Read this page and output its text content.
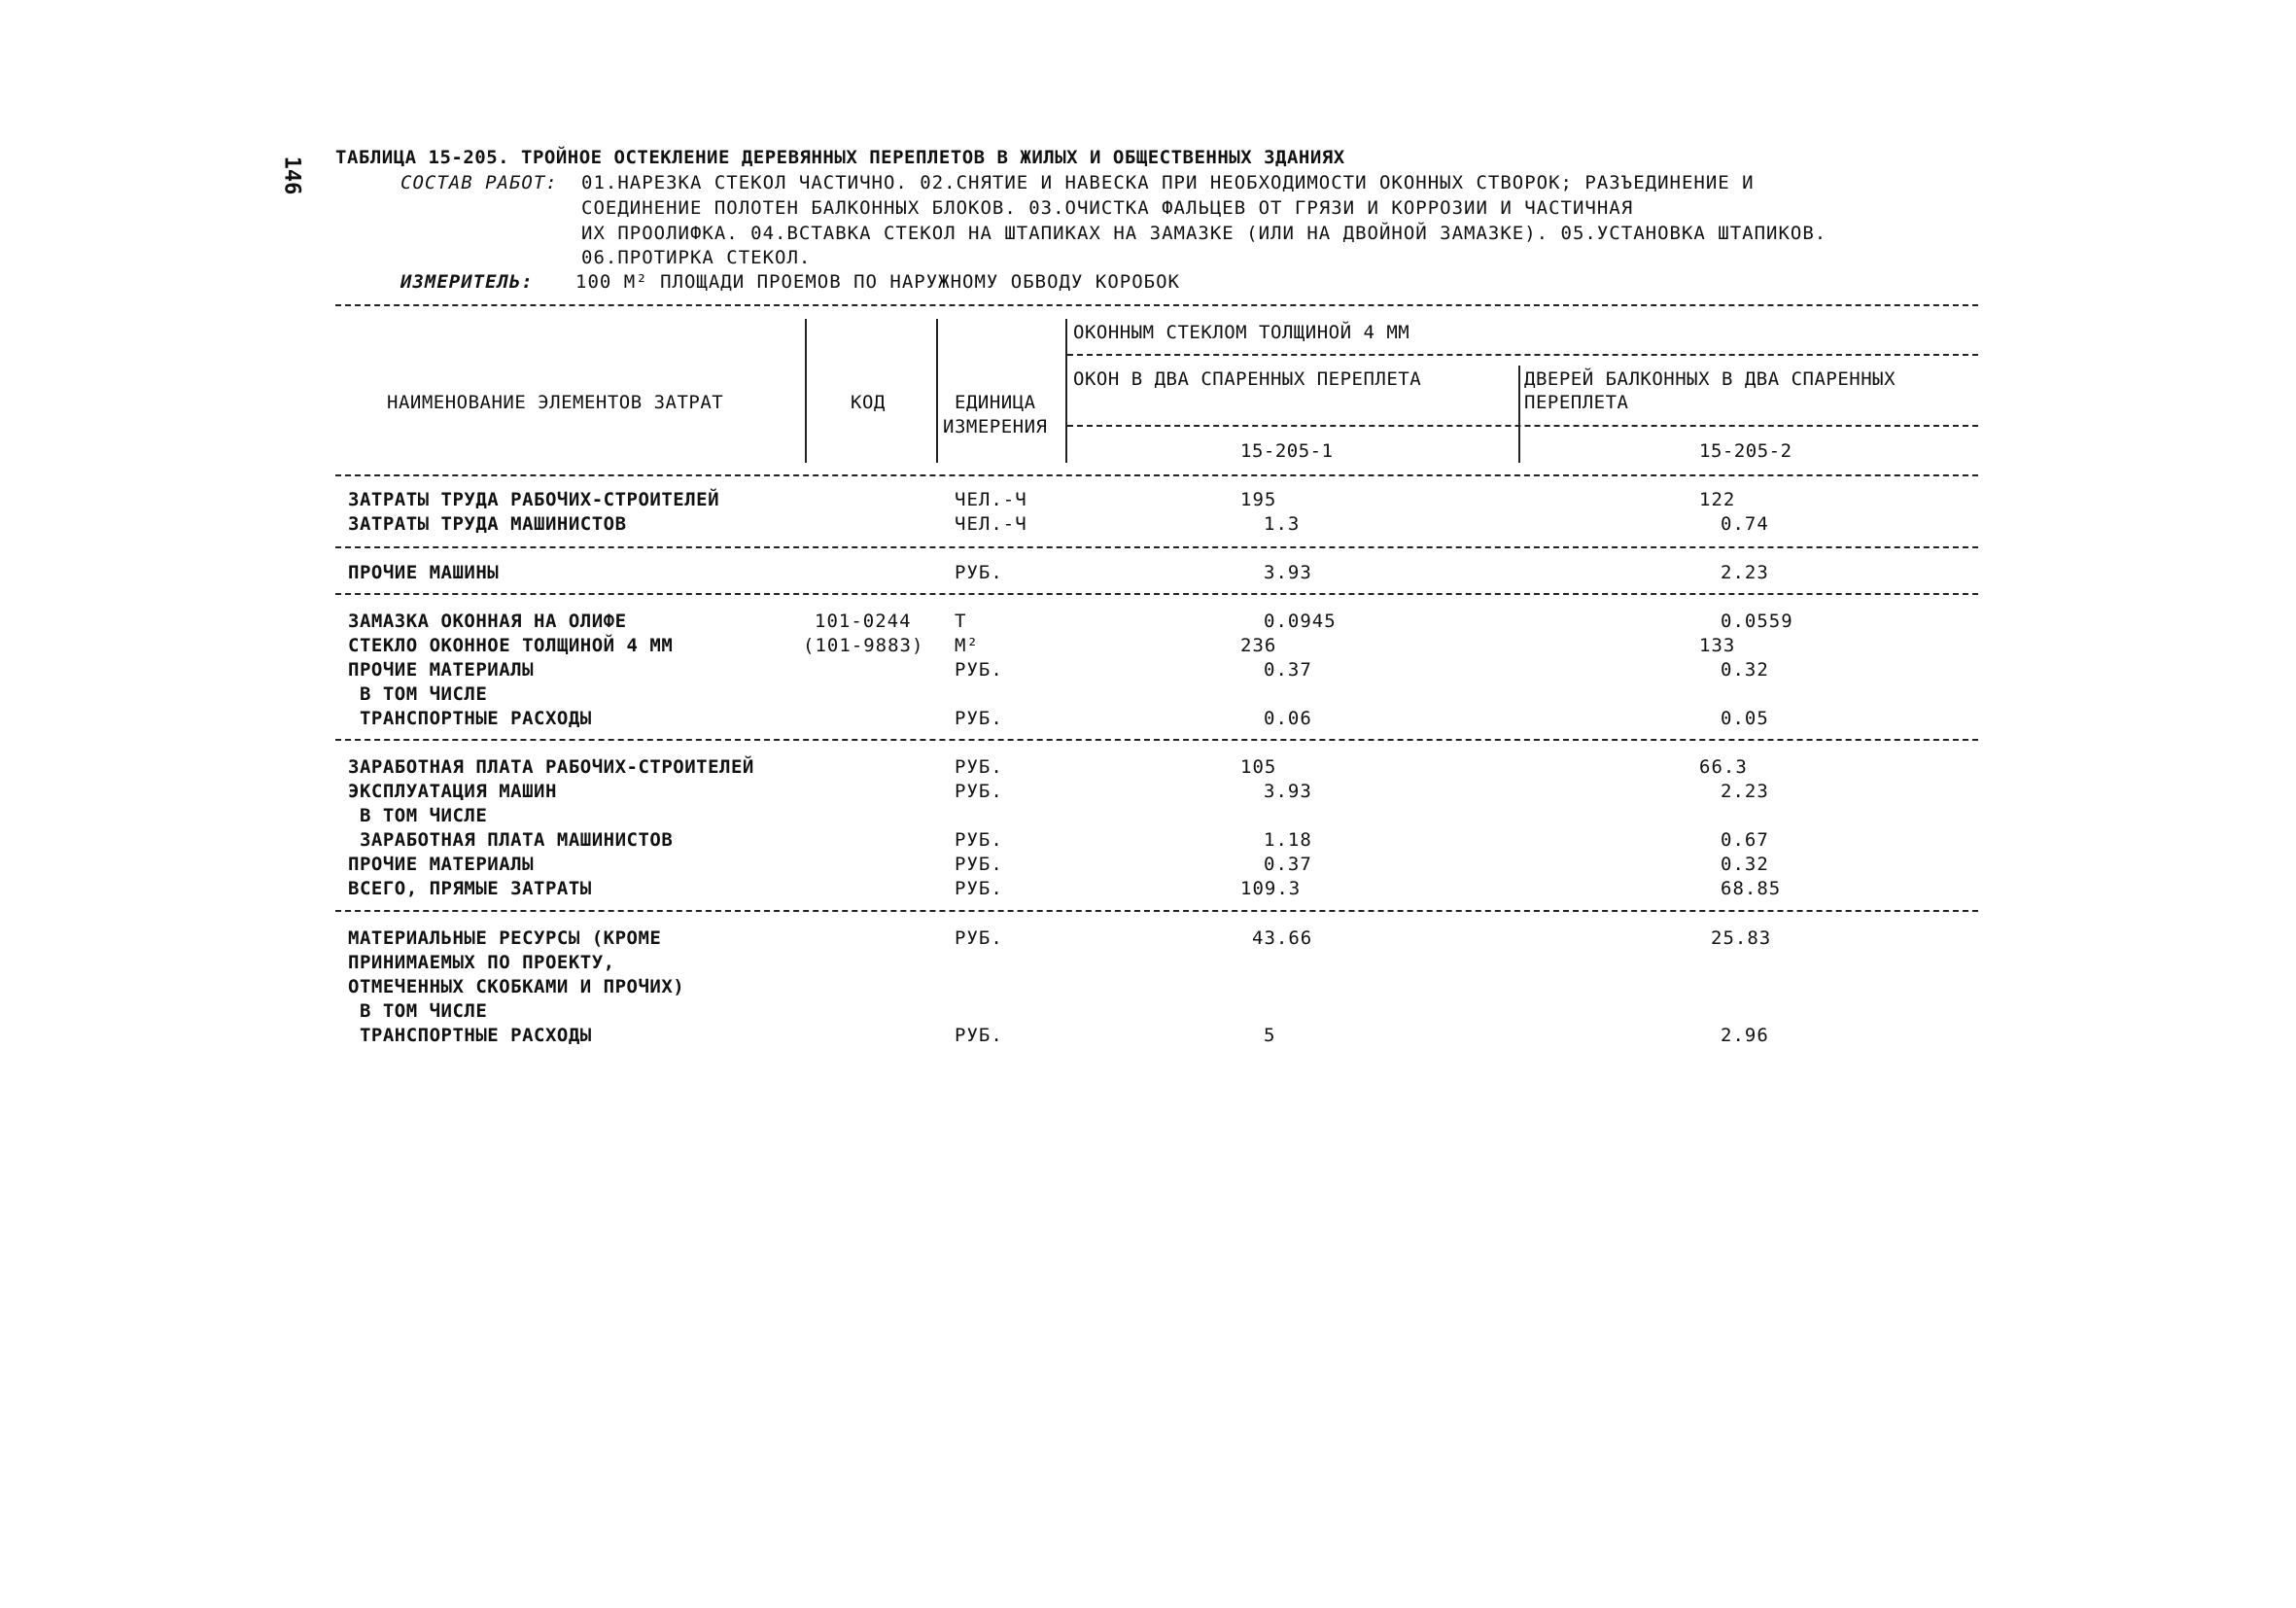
146 ТАБЛИЦА 15-205. ТРОЙНОЕ ОСТЕКЛЕНИЕ ДЕРЕВЯННЫХ ПЕРЕПЛЕТОВ В ЖИЛЫХ И ОБЩЕСТВЕННЫХ ЗДАНИЯХ
СОСТАВ РАБОТ: 01.НАРЕЗКА СТЕКОЛ ЧАСТИЧНО. 02.СНЯТИЕ И НАВЕСКА ПРИ НЕОБХОДИМОСТИ ОКОННЫХ СТВОРОК; РАЗЪЕДИНЕНИЕ И
СОЕДИНЕНИЕ ПОЛОТЕН БАЛКОННЫХ БЛОКОВ. 03.ОЧИСТКА ФАЛЬЦЕВ ОТ ГРЯЗИ И КОРРОЗИИ И ЧАСТИЧНАЯ
ИХ ПРООЛИФКА. 04.ВСТАВКА СТЕКОЛ НА ШТАПИКАХ НА ЗАМАЗКЕ (ИЛИ НА ДВОЙНОЙ ЗАМАЗКЕ). 05.УСТАНОВКА ШТАПИКОВ.
06.ПРОТИРКА СТЕКОЛ.
ИЗМЕРИТЕЛЬ: 100 М² ПЛОЩАДИ ПРОЕМОВ ПО НАРУЖНОМУ ОБВОДУ КОРОБОК
НАИМЕНОВАНИЕ ЭЛЕМЕНТОВ ЗАТРАТ	КОД	ЕДИНИЦА
ИЗМЕРЕНИЯ
ОКОННЫМ СТЕКЛОМ ТОЛЩИНОЙ 4 ММ
ОКОН В ДВА СПАРЕННЫХ ПЕРЕПЛЕТА	ДВЕРЕЙ БАЛКОННЫХ В ДВА СПАРЕННЫХ
ПЕРЕПЛЕТА
15-205-1	15-205-2
ЗАТРАТЫ ТРУДА РАБОЧИХ-СТРОИТЕЛЕЙ	ЧЕЛ.-Ч	195	122
ЗАТРАТЫ ТРУДА МАШИНИСТОВ	ЧЕЛ.-Ч	1.3	0.74
ПРОЧИЕ МАШИНЫ	РУБ.	3.93	2.23
ЗАМАЗКА ОКОННАЯ НА ОЛИФЕ	101-0244 Т	0.0945	0.0559
СТЕКЛО ОКОННОЕ ТОЛЩИНОЙ 4 ММ	(101-9883) М²	236	133
ПРОЧИЕ МАТЕРИАЛЫ	РУБ.	0.37	0.32
В ТОМ ЧИСЛЕ
ТРАНСПОРТНЫЕ РАСХОДЫ	РУБ.	0.06	0.05
ЗАРАБОТНАЯ ПЛАТА РАБОЧИХ-СТРОИТЕЛЕЙ	РУБ.	105	66.3
ЭКСПЛУАТАЦИЯ МАШИН	РУБ.	3.93	2.23
В ТОМ ЧИСЛЕ
ЗАРАБОТНАЯ ПЛАТА МАШИНИСТОВ	РУБ.	1.18	0.67
ПРОЧИЕ МАТЕРИАЛЫ	РУБ.	0.37	0.32
ВСЕГО, ПРЯМЫЕ ЗАТРАТЫ	РУБ.	109.3	68.85
МАТЕРИАЛЬНЫЕ РЕСУРСЫ (КРОМЕ	РУБ.	43.66	25.83
ПРИНИМАЕМЫХ ПО ПРОЕКТУ,
ОТМЕЧЕННЫХ СКОБКАМИ И ПРОЧИХ)
В ТОМ ЧИСЛЕ
ТРАНСПОРТНЫЕ РАСХОДЫ	РУБ.	5	2.96
